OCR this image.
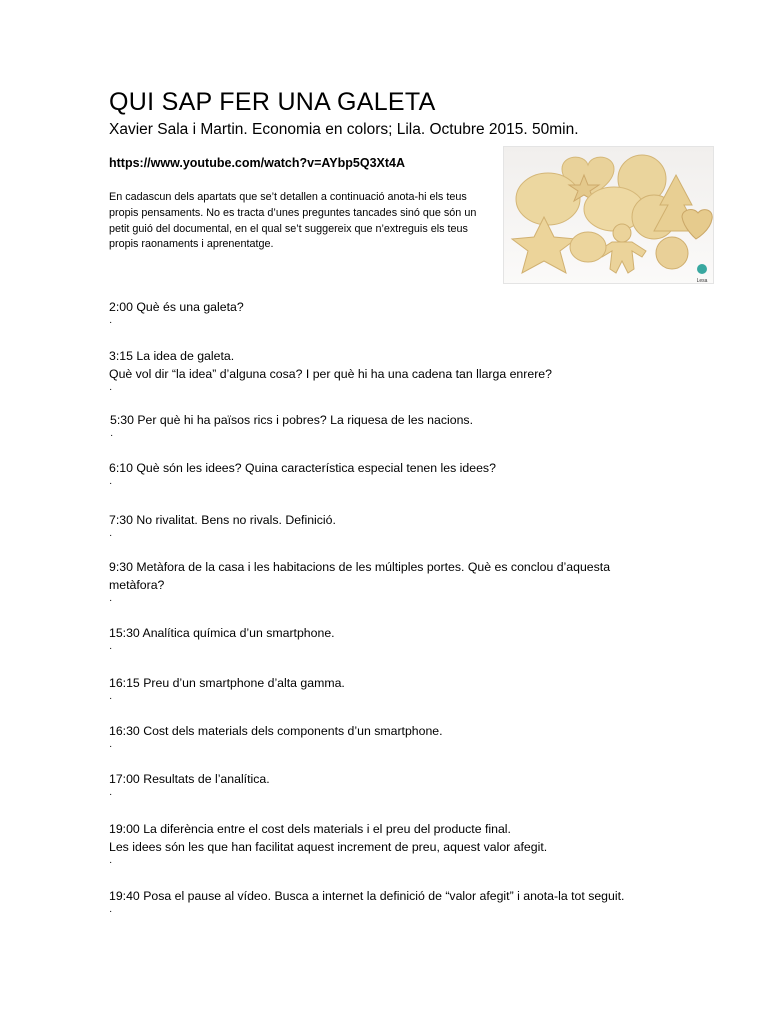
QUI SAP FER UNA GALETA

Xavier Sala i Martin. Economia en colors; Lila. Octubre 2015. 50min.

https://www.youtube.com/watch?v=AYbp5Q3Xt4A

En cadascun dels apartats que se’t detallen a continuació anota-hi els teus propis pensaments. No es tracta d’unes preguntes tancades sinó que són un petit guió del documental, en el qual se’t suggereix que n’extreguis els teus propis raonaments i aprenentatge.

Lesa
2:00 Què és una galeta?
·
3:15 La idea de galeta.
Què vol dir “la idea” d’alguna cosa? I per què hi ha una cadena tan llarga enrere?
·
5:30 Per què hi ha països rics i pobres? La riquesa de les nacions.
·
6:10 Què són les idees? Quina característica especial tenen les idees?
·
7:30 No rivalitat. Bens no rivals. Definició.
·
9:30 Metàfora de la casa i les habitacions de les múltiples portes. Què es conclou d’aquesta
metàfora?
·
15:30 Analítica química d’un smartphone.
·
16:15 Preu d’un smartphone d’alta gamma.
·
16:30 Cost dels materials dels components d’un smartphone.
·
17:00 Resultats de l’analítica.
·
19:00 La diferència entre el cost dels materials i el preu del producte final.
Les idees són les que han facilitat aquest increment de preu, aquest valor afegit.
·
19:40 Posa el pause al vídeo. Busca a internet la definició de “valor afegit” i anota-la tot seguit.
·
